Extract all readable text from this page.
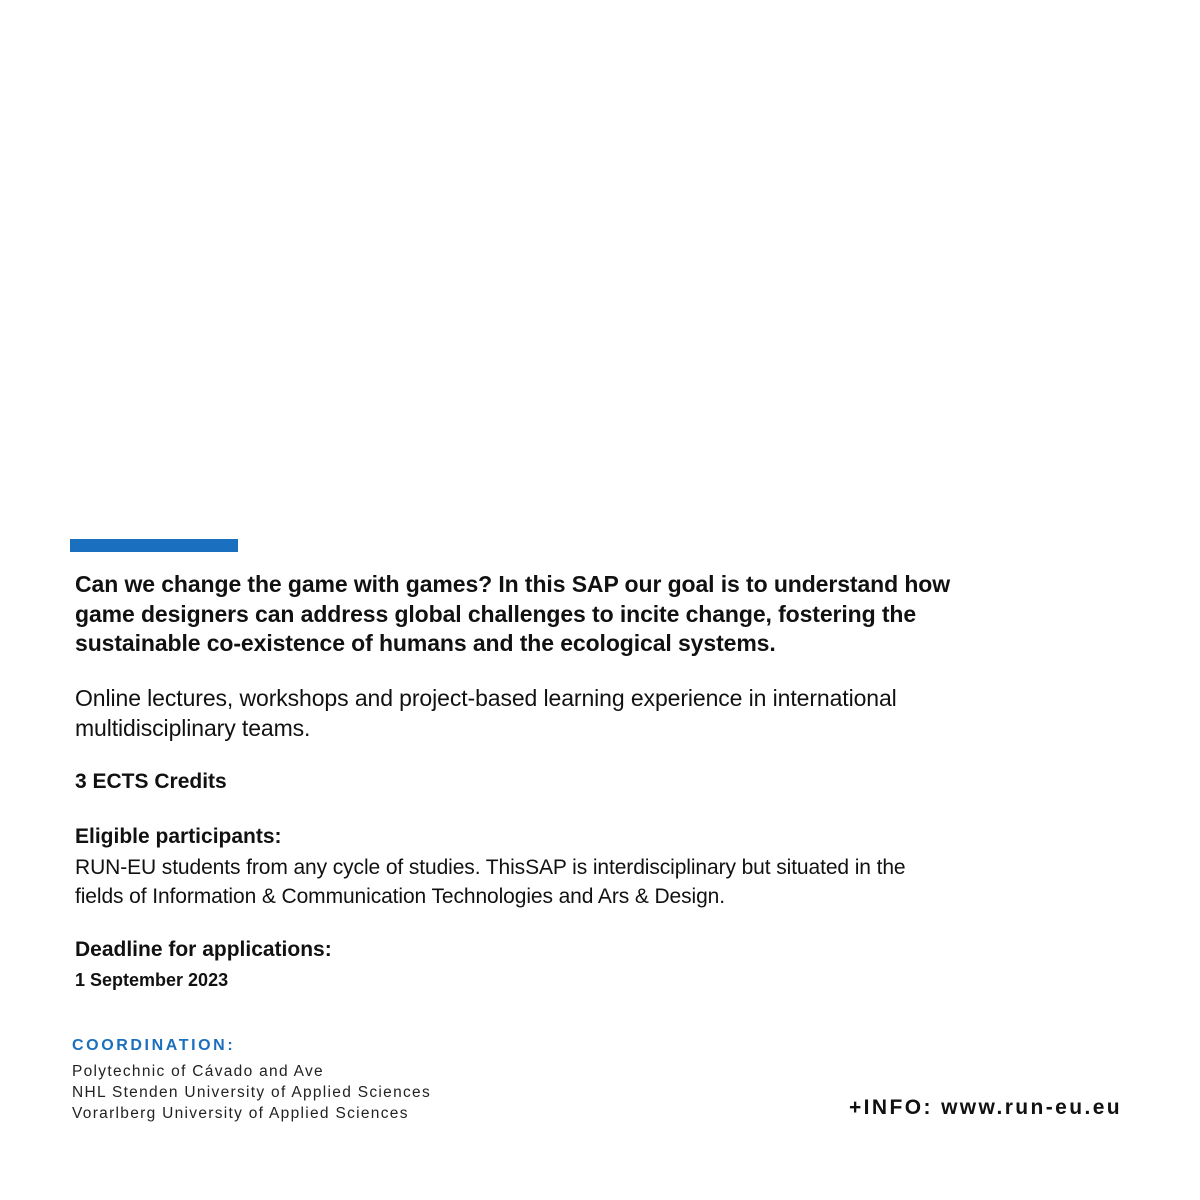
Can we change the game with games? In this SAP our goal is to understand how
game designers can address global challenges to incite change, fostering the
sustainable co-existence of humans and the ecological systems.

Online lectures, workshops and project-based learning experience in international
multidisciplinary teams.

3 ECTS Credits

Eligible participants:

RUN-EU students from any cycle of studies. ThisSAP is interdisciplinary but situated in the
fields of Information & Communication Technologies and Ars & Design.

Deadline for applications:

1 September 2023

COORDINATION:

Polytechnic of Cávado and Ave
NHL Stenden University of Applied Sciences
Vorarlberg University of Applied Sciences	+INFO: www.run-eu.eu
